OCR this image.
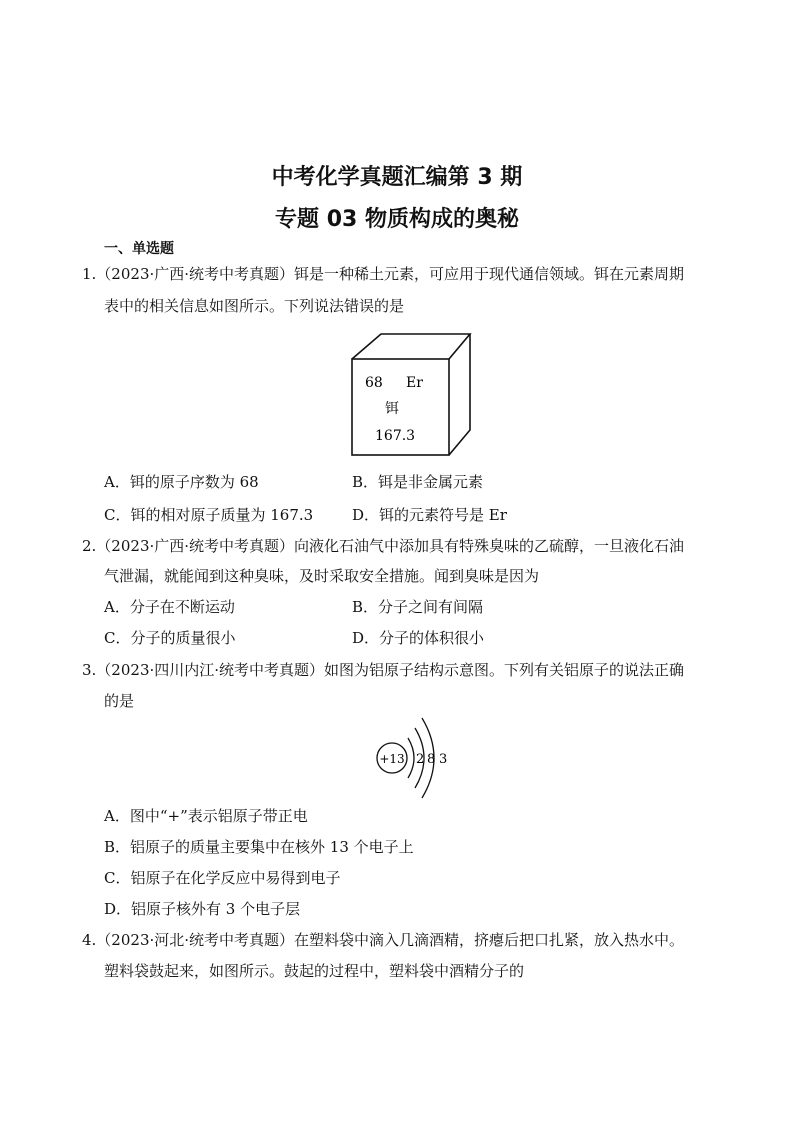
中考化学真题汇编第 3 期
专题 03 物质构成的奥秘
一、单选题
1.（2023·广西·统考中考真题）铒是一种稀土元素，可应用于现代通信领域。铒在元素周期
表中的相关信息如图所示。下列说法错误的是
68 Er
铒
167.3
A．铒的原子序数为 68	B．铒是非金属元素
C．铒的相对原子质量为 167.3	D．铒的元素符号是 Er
2.（2023·广西·统考中考真题）向液化石油气中添加具有特殊臭味的乙硫醇，一旦液化石油
气泄漏，就能闻到这种臭味，及时采取安全措施。闻到臭味是因为
A．分子在不断运动	B．分子之间有间隔
C．分子的质量很小	D．分子的体积很小
3.（2023·四川内江·统考中考真题）如图为铝原子结构示意图。下列有关铝原子的说法正确
的是
+13 2 8 3
A．图中“+”表示铝原子带正电
B．铝原子的质量主要集中在核外 13 个电子上
C．铝原子在化学反应中易得到电子
D．铝原子核外有 3 个电子层
4.（2023·河北·统考中考真题）在塑料袋中滴入几滴酒精，挤瘪后把口扎紧，放入热水中。
塑料袋鼓起来，如图所示。鼓起的过程中，塑料袋中酒精分子的
